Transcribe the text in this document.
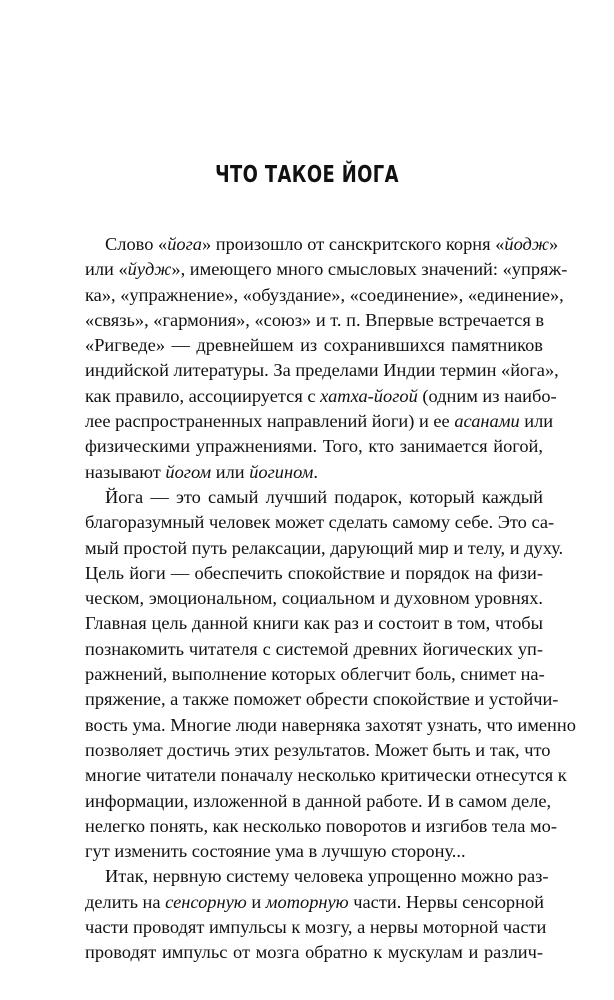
ЧТО ТАКОЕ ЙОГА
Слово «йога» произошло от санскритского корня «йодж»
или «йудж», имеющего много смысловых значений: «упряж-
ка», «упражнение», «обуздание», «соединение», «единение»,
«связь», «гармония», «союз» и т. п. Впервые встречается в
«Ригведе» — древнейшем из сохранившихся памятников
индийской литературы. За пределами Индии термин «йога»,
как правило, ассоциируется с хатха-йогой (одним из наибо-
лее распространенных направлений йоги) и ее асанами или
физическими упражнениями. Того, кто занимается йогой,
называют йогом или йогином.
Йога — это самый лучший подарок, который каждый
благоразумный человек может сделать самому себе. Это са-
мый простой путь релаксации, дарующий мир и телу, и духу.
Цель йоги — обеспечить спокойствие и порядок на физи-
ческом, эмоциональном, социальном и духовном уровнях.
Главная цель данной книги как раз и состоит в том, чтобы
познакомить читателя с системой древних йогических уп-
ражнений, выполнение которых облегчит боль, снимет на-
пряжение, а также поможет обрести спокойствие и устойчи-
вость ума. Многие люди наверняка захотят узнать, что именно
позволяет достичь этих результатов. Может быть и так, что
многие читатели поначалу несколько критически отнесутся к
информации, изложенной в данной работе. И в самом деле,
нелегко понять, как несколько поворотов и изгибов тела мо-
гут изменить состояние ума в лучшую сторону...
Итак, нервную систему человека упрощенно можно раз-
делить на сенсорную и моторную части. Нервы сенсорной
части проводят импульсы к мозгу, а нервы моторной части
проводят импульс от мозга обратно к мускулам и различ-
